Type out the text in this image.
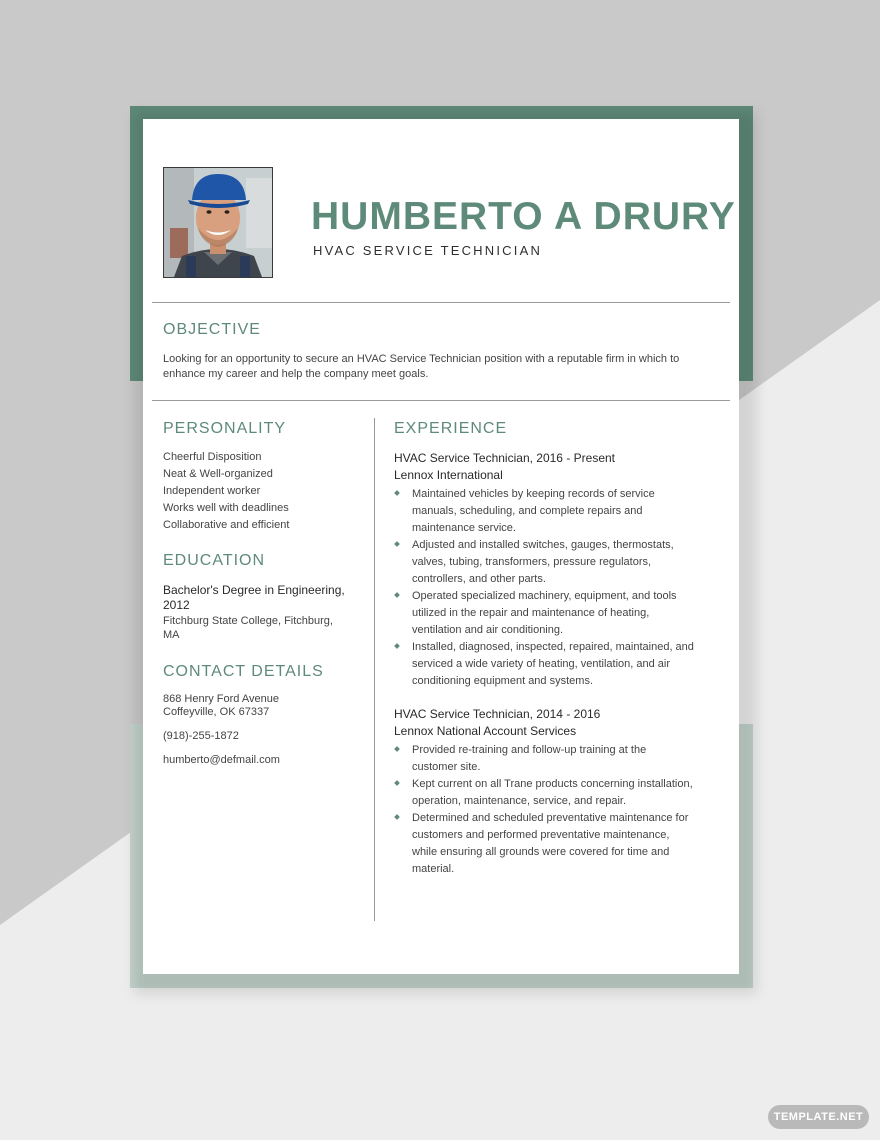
HUMBERTO A DRURY

HVAC SERVICE TECHNICIAN

OBJECTIVE

Looking for an opportunity to secure an HVAC Service Technician position with a reputable firm in which to enhance my career and help the company meet goals.

PERSONALITY
Cheerful Disposition
Neat & Well-organized
Independent worker
Works well with deadlines
Collaborative and efficient
EDUCATION

Bachelor's Degree in Engineering, 2012

Fitchburg State College, Fitchburg, MA

CONTACT DETAILS

868 Henry Ford Avenue Coffeyville, OK 67337

(918)-255-1872

humberto@defmail.com

EXPERIENCE

HVAC Service Technician, 2016 - Present

Lennox International

Maintained vehicles by keeping records of service manuals, scheduling, and complete repairs and maintenance service.
Adjusted and installed switches, gauges, thermostats, valves, tubing, transformers, pressure regulators, controllers, and other parts.
Operated specialized machinery, equipment, and tools utilized in the repair and maintenance of heating, ventilation and air conditioning.
Installed, diagnosed, inspected, repaired, maintained, and serviced a wide variety of heating, ventilation, and air conditioning equipment and systems.

HVAC Service Technician, 2014 - 2016

Lennox National Account Services

Provided re-training and follow-up training at the customer site.
Kept current on all Trane products concerning installation, operation, maintenance, service, and repair.
Determined and scheduled preventative maintenance for customers and performed preventative maintenance, while ensuring all grounds were covered for time and material.
TEMPLATE.NET
